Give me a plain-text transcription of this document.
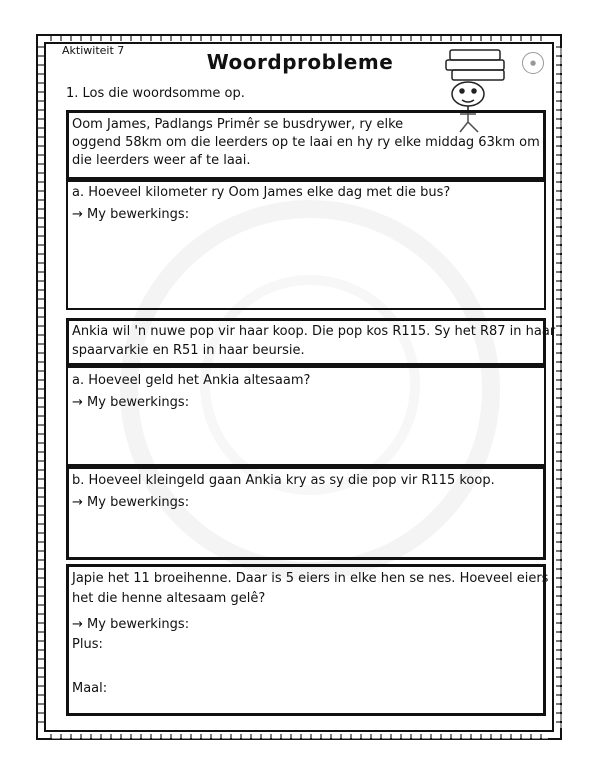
Aktiwiteit 7	Woordprobleme	●
1. Los die woordsomme op.
Oom James, Padlangs Primêr se busdrywer, ry elke
oggend 58km om die leerders op te laai en hy ry elke middag 63km om
die leerders weer af te laai.
a. Hoeveel kilometer ry Oom James elke dag met die bus?
→ My bewerkings:
Ankia wil 'n nuwe pop vir haar koop. Die pop kos R115. Sy het R87 in haar
spaarvarkie en R51 in haar beursie.
a. Hoeveel geld het Ankia altesaam?
→ My bewerkings:
b. Hoeveel kleingeld gaan Ankia kry as sy die pop vir R115 koop.
→ My bewerkings:
Japie het 11 broeihenne. Daar is 5 eiers in elke hen se nes. Hoeveel eiers
het die henne altesaam gelê?
→ My bewerkings:
Plus:
Maal:
